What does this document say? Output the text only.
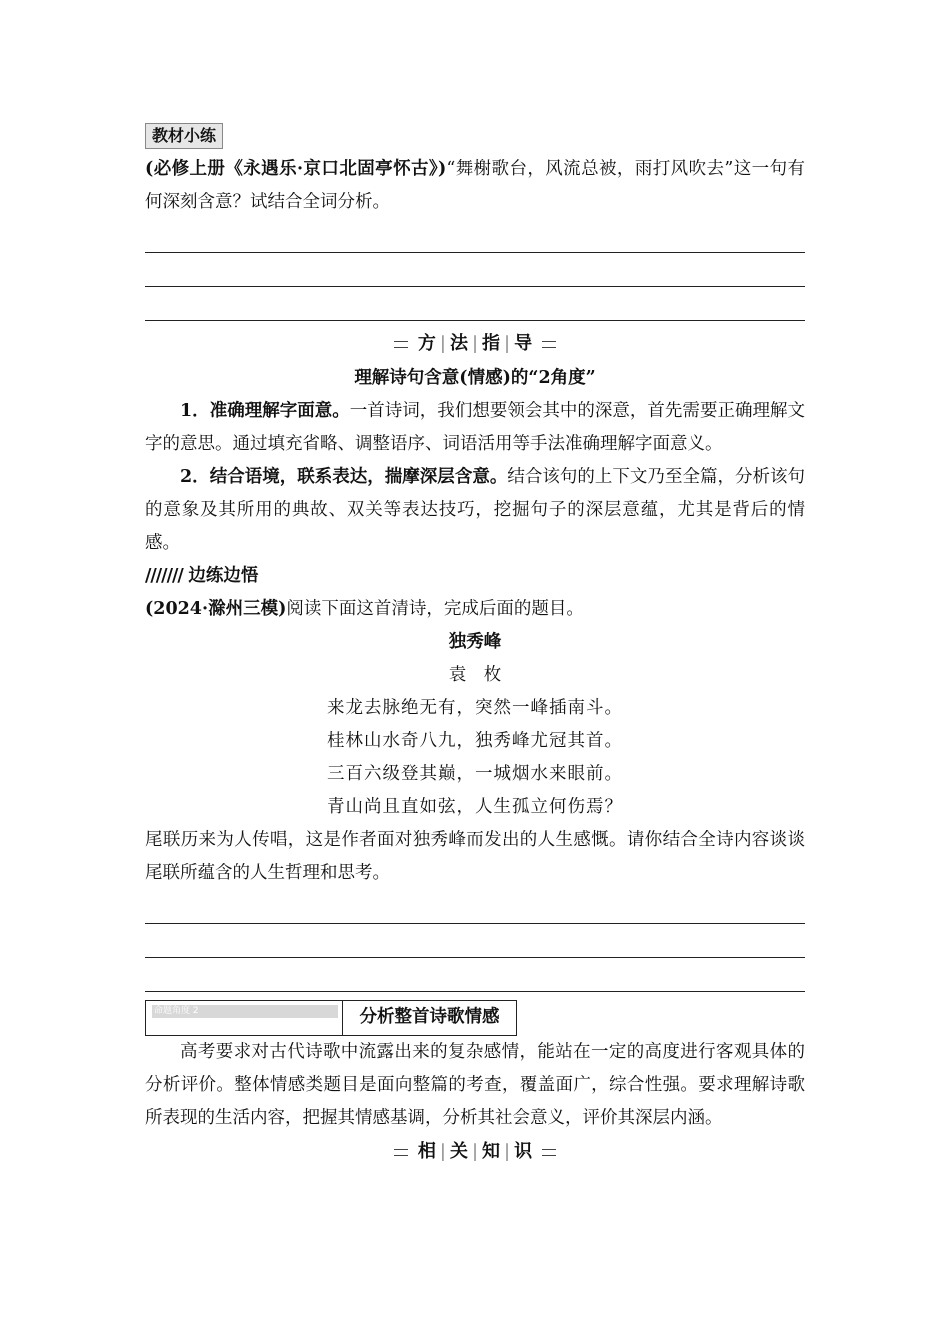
教材小练

(必修上册《永遇乐·京口北固亭怀古》)“舞榭歌台，风流总被，雨打风吹去”这一句有何深刻含意？试结合全词分析。

方 | 法 | 指 | 导
理解诗句含意(情感)的“2角度”

1．准确理解字面意。一首诗词，我们想要领会其中的深意，首先需要正确理解文字的意思。通过填充省略、调整语序、词语活用等手法准确理解字面意义。

2．结合语境，联系表达，揣摩深层含意。结合该句的上下文乃至全篇，分析该句的意象及其所用的典故、双关等表达技巧，挖掘句子的深层意蕴，尤其是背后的情感。

/////// 边练边悟

(2024·滁州三模)阅读下面这首清诗，完成后面的题目。

独秀峰

袁　枚

来龙去脉绝无有，突然一峰插南斗。

桂林山水奇八九，独秀峰尤冠其首。

三百六级登其巅，一城烟水来眼前。

青山尚且直如弦，人生孤立何伤焉？

尾联历来为人传唱，这是作者面对独秀峰而发出的人生感慨。请你结合全诗内容谈谈尾联所蕴含的人生哲理和思考。

命题角度 2	分析整首诗歌情感

高考要求对古代诗歌中流露出来的复杂感情，能站在一定的高度进行客观具体的分析评价。整体情感类题目是面向整篇的考查，覆盖面广，综合性强。要求理解诗歌所表现的生活内容，把握其情感基调，分析其社会意义，评价其深层内涵。

相 | 关 | 知 | 识
